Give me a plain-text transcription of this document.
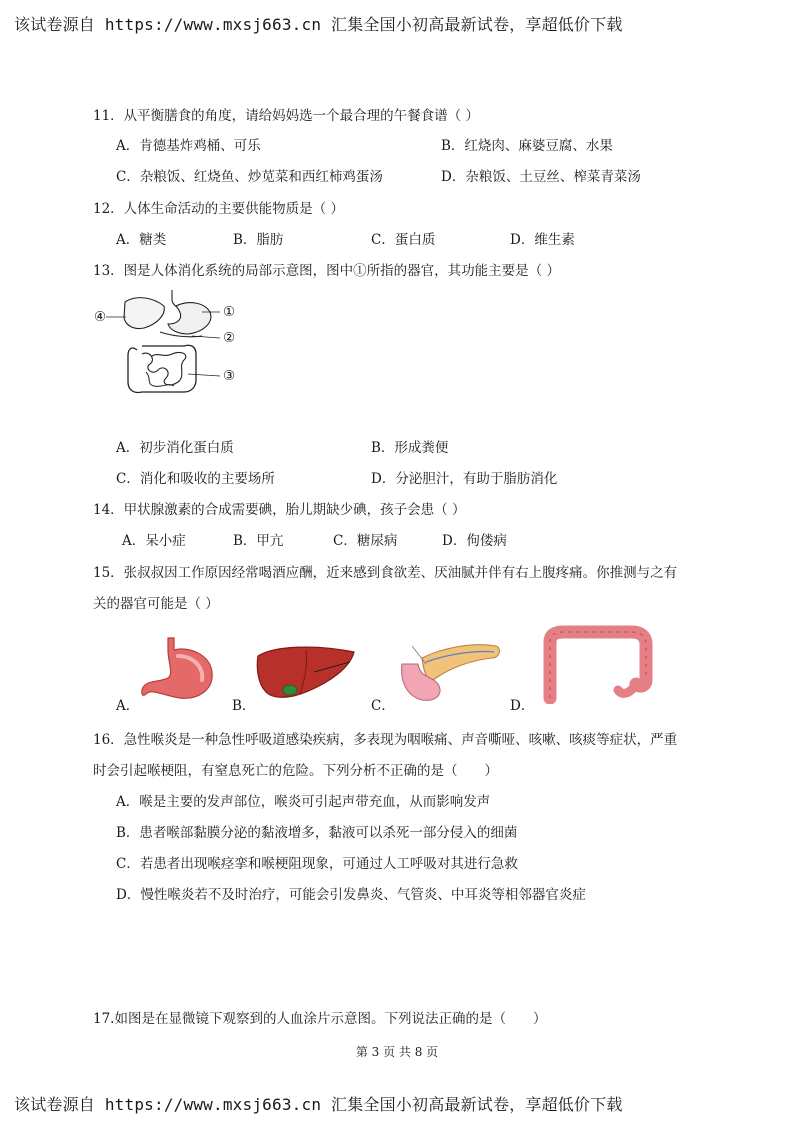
该试卷源自 https://www.mxsj663.cn 汇集全国小初高最新试卷，享超低价下载
11．从平衡膳食的角度，请给妈妈选一个最合理的午餐食谱（ ）
A．肯德基炸鸡桶、可乐	B．红烧肉、麻婆豆腐、水果
C．杂粮饭、红烧鱼、炒苋菜和西红柿鸡蛋汤	D．杂粮饭、土豆丝、榨菜青菜汤
12．人体生命活动的主要供能物质是（ ）
A．糖类	B．脂肪	C．蛋白质	D．维生素
13．图是人体消化系统的局部示意图，图中①所指的器官，其功能主要是（ ）
①
②
③
④
A．初步消化蛋白质	B．形成粪便
C．消化和吸收的主要场所	D．分泌胆汁，有助于脂肪消化
14．甲状腺激素的合成需要碘，胎儿期缺少碘，孩子会患（ ）
A．呆小症	B．甲亢	C．糖尿病	D．佝偻病
15．张叔叔因工作原因经常喝酒应酬，近来感到食欲差、厌油腻并伴有右上腹疼痛。你推测与之有
关的器官可能是（ ）
A．	B．	C．	D．
16．急性喉炎是一种急性呼吸道感染疾病，多表现为咽喉痛、声音嘶哑、咳嗽、咳痰等症状，严重
时会引起喉梗阻，有窒息死亡的危险。下列分析不正确的是（　　）
A．喉是主要的发声部位，喉炎可引起声带充血，从而影响发声
B．患者喉部黏膜分泌的黏液增多，黏液可以杀死一部分侵入的细菌
C．若患者出现喉痉挛和喉梗阻现象，可通过人工呼吸对其进行急救
D．慢性喉炎若不及时治疗，可能会引发鼻炎、气管炎、中耳炎等相邻器官炎症
17.如图是在显微镜下观察到的人血涂片示意图。下列说法正确的是（　　）
第 3 页 共 8 页
该试卷源自 https://www.mxsj663.cn 汇集全国小初高最新试卷，享超低价下载
